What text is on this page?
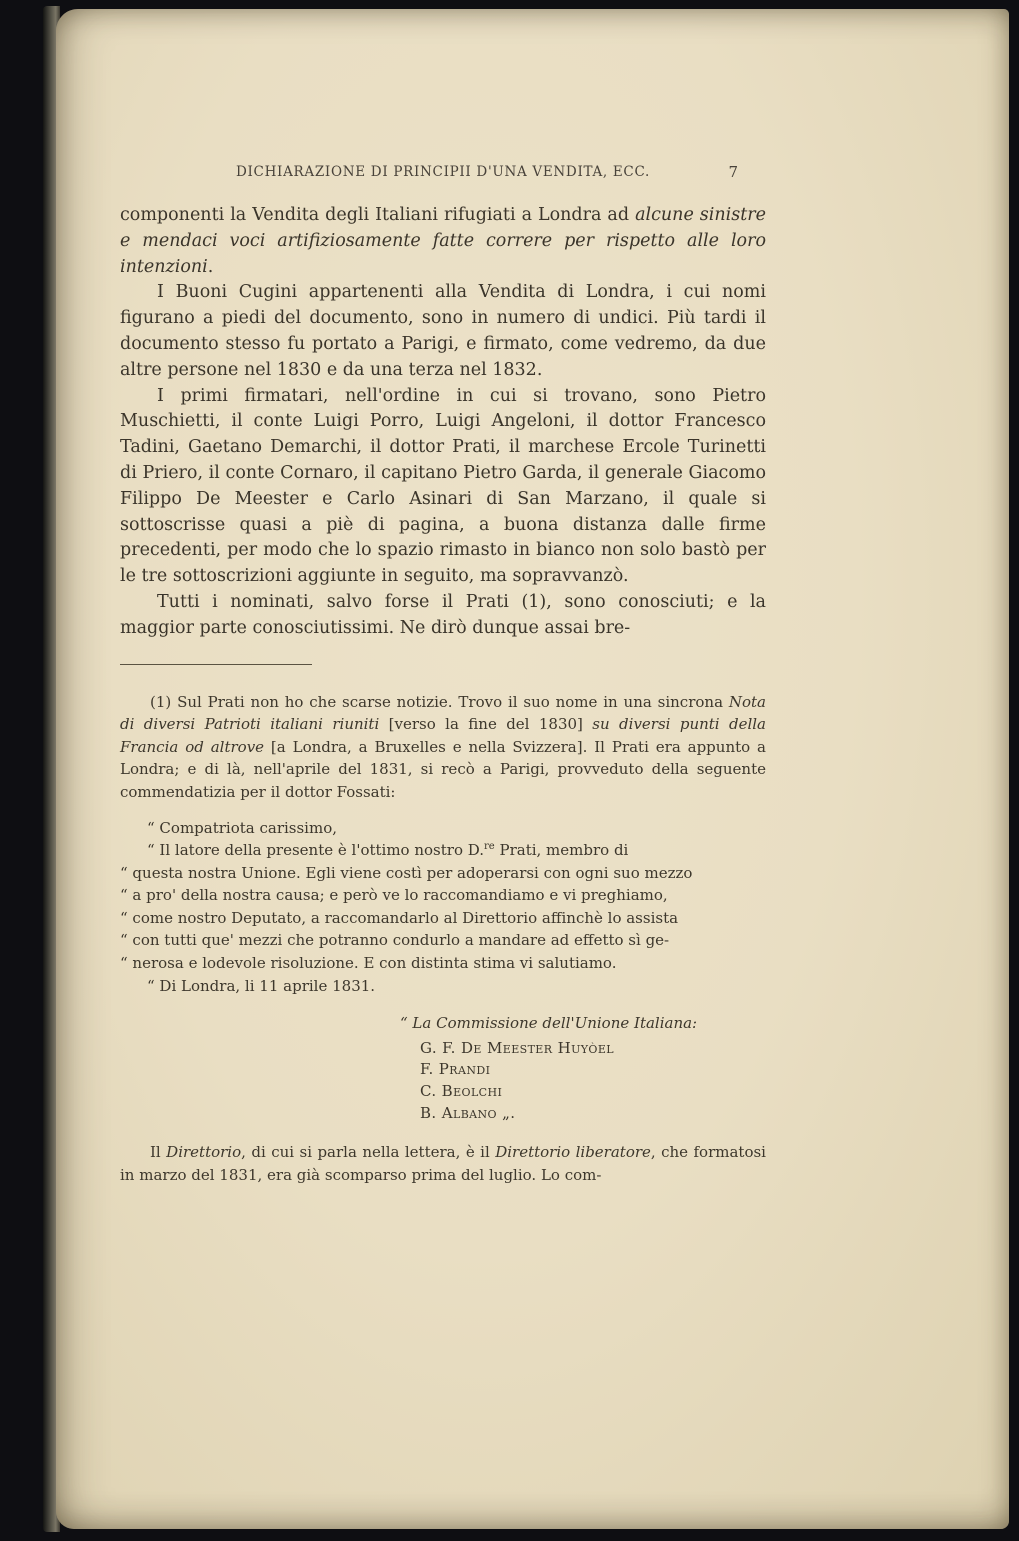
DICHIARAZIONE DI PRINCIPII D'UNA VENDITA, ECC.	7

componenti la Vendita degli Italiani rifugiati a Londra ad alcune sinistre e mendaci voci artifiziosamente fatte correre per rispetto alle loro intenzioni.

I Buoni Cugini appartenenti alla Vendita di Londra, i cui nomi figurano a piedi del documento, sono in numero di undici. Più tardi il documento stesso fu portato a Parigi, e firmato, come vedremo, da due altre persone nel 1830 e da una terza nel 1832.

I primi firmatari, nell'ordine in cui si trovano, sono Pietro Muschietti, il conte Luigi Porro, Luigi Angeloni, il dottor Francesco Tadini, Gaetano Demarchi, il dottor Prati, il marchese Ercole Turinetti di Priero, il conte Cornaro, il capitano Pietro Garda, il generale Giacomo Filippo De Meester e Carlo Asinari di San Marzano, il quale si sottoscrisse quasi a piè di pagina, a buona distanza dalle firme precedenti, per modo che lo spazio rimasto in bianco non solo bastò per le tre sottoscrizioni aggiunte in seguito, ma sopravvanzò.

Tutti i nominati, salvo forse il Prati (1), sono conosciuti; e la maggior parte conosciutissimi. Ne dirò dunque assai bre-

(1) Sul Prati non ho che scarse notizie. Trovo il suo nome in una sincrona Nota di diversi Patrioti italiani riuniti [verso la fine del 1830] su diversi punti della Francia od altrove [a Londra, a Bruxelles e nella Svizzera]. Il Prati era appunto a Londra; e di là, nell'aprile del 1831, si recò a Parigi, provveduto della seguente commendatizia per il dottor Fossati:

“ Compatriota carissimo,
“ Il latore della presente è l'ottimo nostro D.$^{re}$ Prati, membro di
“ questa nostra Unione. Egli viene costì per adoperarsi con ogni suo mezzo
“ a pro' della nostra causa; e però ve lo raccomandiamo e vi preghiamo,
“ come nostro Deputato, a raccomandarlo al Direttorio affinchè lo assista
“ con tutti que' mezzi che potranno condurlo a mandare ad effetto sì ge-
“ nerosa e lodevole risoluzione. E con distinta stima vi salutiamo.
“ Di Londra, li 11 aprile 1831.
“ La Commissione dell'Unione Italiana:
G. F. De Meester Huyòel
F. Prandi
C. Beolchi
B. Albano „.

Il Direttorio, di cui si parla nella lettera, è il Direttorio liberatore, che formatosi in marzo del 1831, era già scomparso prima del luglio. Lo com-
